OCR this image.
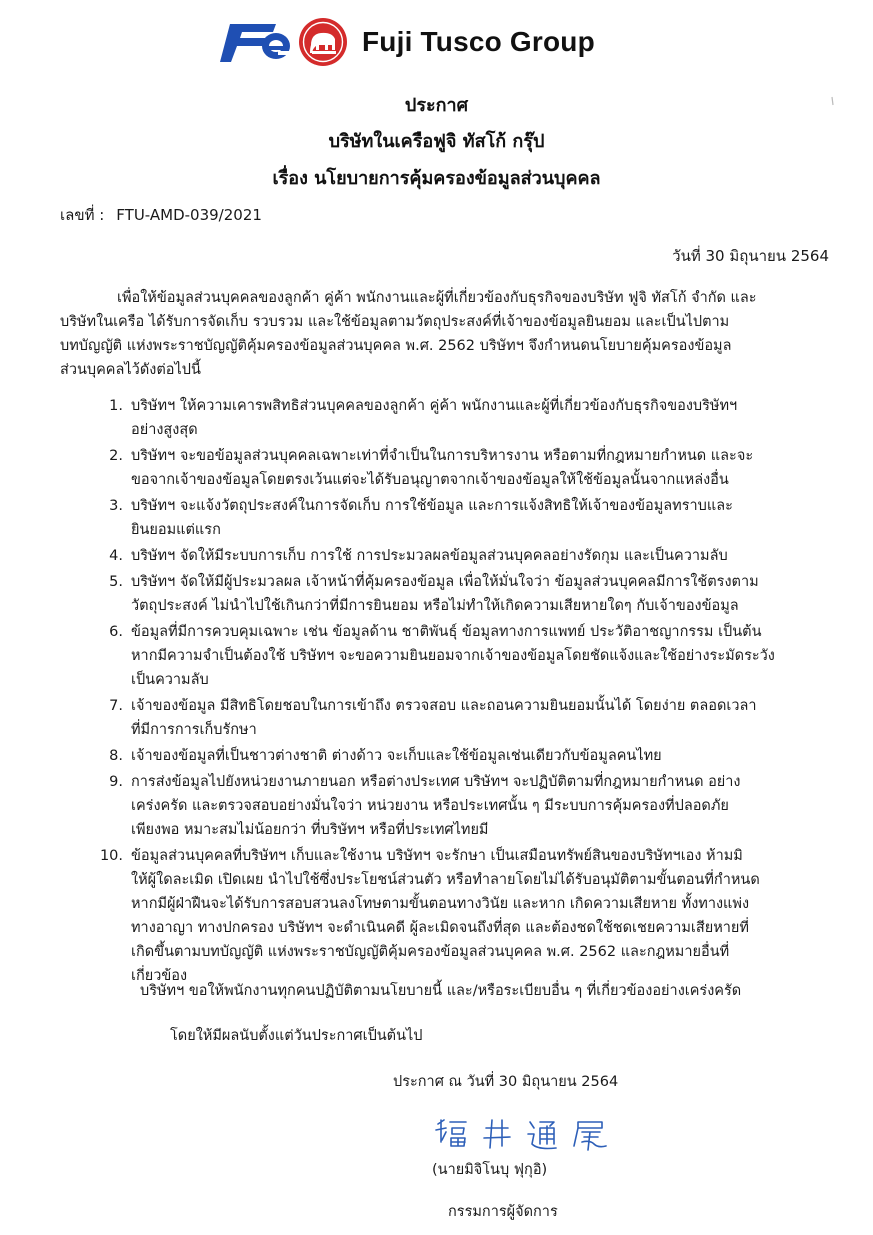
Fuji Tusco Group
ประกาศ
บริษัทในเครือฟูจิ ทัสโก้ กรุ๊ป
เรื่อง นโยบายการคุ้มครองข้อมูลส่วนบุคคล
เลขที่ : FTU-AMD-039/2021
วันที่ 30 มิถุนายน 2564
เพื่อให้ข้อมูลส่วนบุคคลของลูกค้า คู่ค้า พนักงานและผู้ที่เกี่ยวข้องกับธุรกิจของบริษัท ฟูจิ ทัสโก้ จำกัด และ
บริษัทในเครือ ได้รับการจัดเก็บ รวบรวม และใช้ข้อมูลตามวัตถุประสงค์ที่เจ้าของข้อมูลยินยอม และเป็นไปตาม
บทบัญญัติ แห่งพระราชบัญญัติคุ้มครองข้อมูลส่วนบุคคล พ.ศ. 2562 บริษัทฯ จึงกำหนดนโยบายคุ้มครองข้อมูล
ส่วนบุคคลไว้ดังต่อไปนี้
1. บริษัทฯ ให้ความเคารพสิทธิส่วนบุคคลของลูกค้า คู่ค้า พนักงานและผู้ที่เกี่ยวข้องกับธุรกิจของบริษัทฯ
อย่างสูงสุด
2. บริษัทฯ จะขอข้อมูลส่วนบุคคลเฉพาะเท่าที่จำเป็นในการบริหารงาน หรือตามที่กฎหมายกำหนด และจะ
ขอจากเจ้าของข้อมูลโดยตรงเว้นแต่จะได้รับอนุญาตจากเจ้าของข้อมูลให้ใช้ข้อมูลนั้นจากแหล่งอื่น
3. บริษัทฯ จะแจ้งวัตถุประสงค์ในการจัดเก็บ การใช้ข้อมูล และการแจ้งสิทธิให้เจ้าของข้อมูลทราบและ
ยินยอมแต่แรก
4. บริษัทฯ จัดให้มีระบบการเก็บ การใช้ การประมวลผลข้อมูลส่วนบุคคลอย่างรัดกุม และเป็นความลับ
5. บริษัทฯ จัดให้มีผู้ประมวลผล เจ้าหน้าที่คุ้มครองข้อมูล เพื่อให้มั่นใจว่า ข้อมูลส่วนบุคคลมีการใช้ตรงตาม
วัตถุประสงค์ ไม่นำไปใช้เกินกว่าที่มีการยินยอม หรือไม่ทำให้เกิดความเสียหายใดๆ กับเจ้าของข้อมูล
6. ข้อมูลที่มีการควบคุมเฉพาะ เช่น ข้อมูลด้าน ชาติพันธุ์ ข้อมูลทางการแพทย์ ประวัติอาชญากรรม เป็นต้น
หากมีความจำเป็นต้องใช้ บริษัทฯ จะขอความยินยอมจากเจ้าของข้อมูลโดยชัดแจ้งและใช้อย่างระมัดระวัง
เป็นความลับ
7. เจ้าของข้อมูล มีสิทธิโดยชอบในการเข้าถึง ตรวจสอบ และถอนความยินยอมนั้นได้ โดยง่าย ตลอดเวลา
ที่มีการการเก็บรักษา
8. เจ้าของข้อมูลที่เป็นชาวต่างชาติ ต่างด้าว จะเก็บและใช้ข้อมูลเช่นเดียวกับข้อมูลคนไทย
9. การส่งข้อมูลไปยังหน่วยงานภายนอก หรือต่างประเทศ บริษัทฯ จะปฏิบัติตามที่กฎหมายกำหนด อย่าง
เคร่งครัด และตรวจสอบอย่างมั่นใจว่า หน่วยงาน หรือประเทศนั้น ๆ มีระบบการคุ้มครองที่ปลอดภัย
เพียงพอ หมาะสมไม่น้อยกว่า ที่บริษัทฯ หรือที่ประเทศไทยมี
10. ข้อมูลส่วนบุคคลที่บริษัทฯ เก็บและใช้งาน บริษัทฯ จะรักษา เป็นเสมือนทรัพย์สินของบริษัทฯเอง ห้ามมิ
ให้ผู้ใดละเมิด เปิดเผย นำไปใช้ซึ่งประโยชน์ส่วนตัว หรือทำลายโดยไม่ได้รับอนุมัติตามขั้นตอนที่กำหนด
หากมีผู้ฝ่าฝืนจะได้รับการสอบสวนลงโทษตามขั้นตอนทางวินัย และหาก เกิดความเสียหาย ทั้งทางแพ่ง
ทางอาญา ทางปกครอง บริษัทฯ จะดำเนินคดี ผู้ละเมิดจนถึงที่สุด และต้องชดใช้ชดเชยความเสียหายที่
เกิดขึ้นตามบทบัญญัติ แห่งพระราชบัญญัติคุ้มครองข้อมูลส่วนบุคคล พ.ศ. 2562 และกฎหมายอื่นที่
เกี่ยวข้อง
บริษัทฯ ขอให้พนักงานทุกคนปฏิบัติตามนโยบายนี้ และ/หรือระเบียบอื่น ๆ ที่เกี่ยวข้องอย่างเคร่งครัด
โดยให้มีผลนับตั้งแต่วันประกาศเป็นต้นไป
ประกาศ ณ วันที่ 30 มิถุนายน 2564
(นายมิจิโนบุ ฟุกุอิ)
กรรมการผู้จัดการ
